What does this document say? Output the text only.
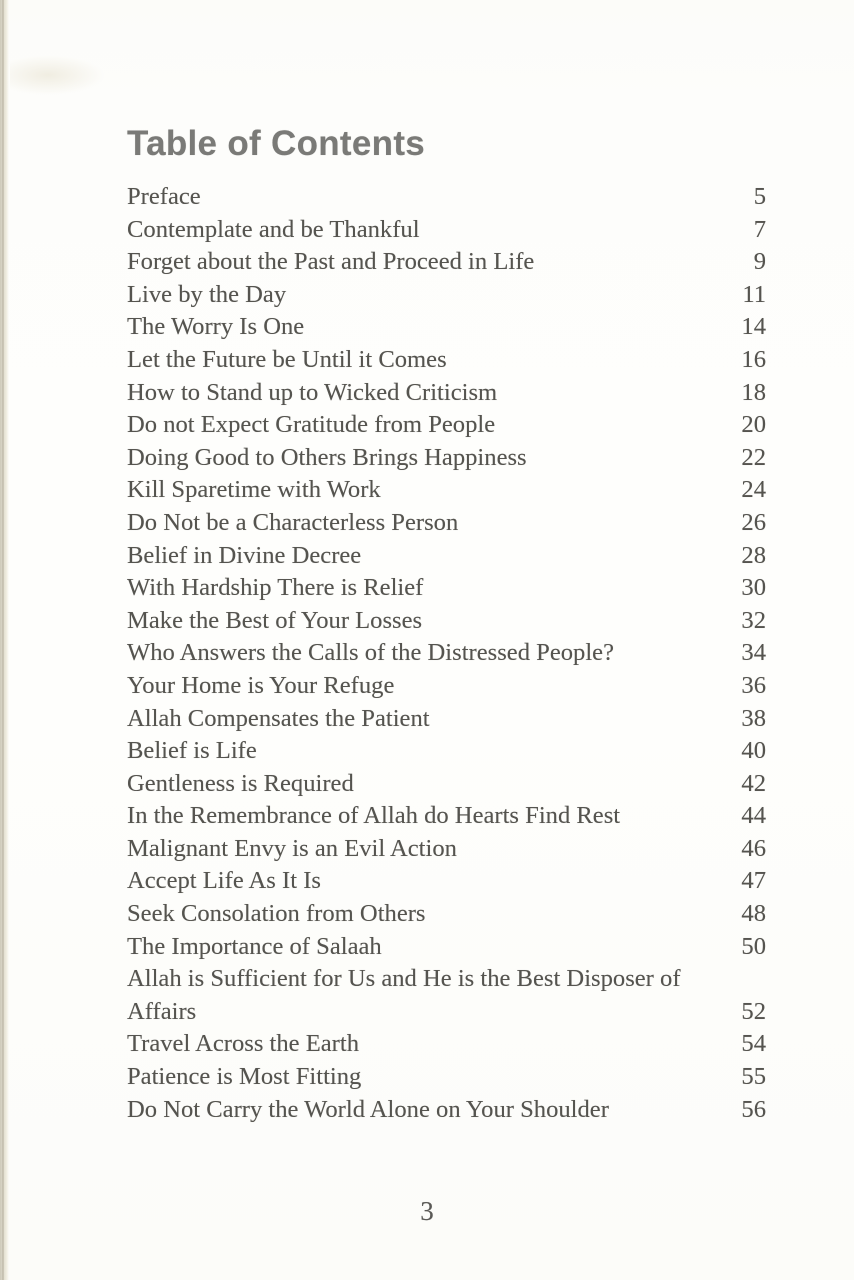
Table of Contents
Preface	5
Contemplate and be Thankful	7
Forget about the Past and Proceed in Life	9
Live by the Day	11
The Worry Is One	14
Let the Future be Until it Comes	16
How to Stand up to Wicked Criticism	18
Do not Expect Gratitude from People	20
Doing Good to Others Brings Happiness	22
Kill Sparetime with Work	24
Do Not be a Characterless Person	26
Belief in Divine Decree	28
With Hardship There is Relief	30
Make the Best of Your Losses	32
Who Answers the Calls of the Distressed People?	34
Your Home is Your Refuge	36
Allah Compensates the Patient	38
Belief is Life	40
Gentleness is Required	42
In the Remembrance of Allah do Hearts Find Rest	44
Malignant Envy is an Evil Action	46
Accept Life As It Is	47
Seek Consolation from Others	48
The Importance of Salaah	50
Allah is Sufficient for Us and He is the Best Disposer of Affairs	52
Travel Across the Earth	54
Patience is Most Fitting	55
Do Not Carry the World Alone on Your Shoulder	56
3
